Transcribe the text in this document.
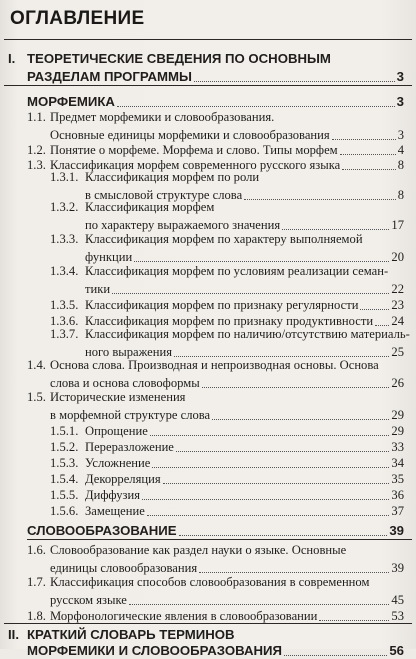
ОГЛАВЛЕНИЕ
I. ТЕОРЕТИЧЕСКИЕ СВЕДЕНИЯ ПО ОСНОВНЫМ
РАЗДЕЛАМ ПРОГРАММЫ	3
МОРФЕМИКА	3
1.1. Предмет морфемики и словообразования.
Основные единицы морфемики и словообразования	3
1.2. Понятие о морфеме. Морфема и слово. Типы морфем	4
1.3. Классификация морфем современного русского языка	8
1.3.1. Классификация морфем по роли
в смысловой структуре слова	8
1.3.2. Классификация морфем
по характеру выражаемого значения	17
1.3.3. Классификация морфем по характеру выполняемой
функции	20
1.3.4. Классификация морфем по условиям реализации семан-
тики	22
1.3.5. Классификация морфем по признаку регулярности	23
1.3.6. Классификация морфем по признаку продуктивности 24
1.3.7. Классификация морфем по наличию/отсутствию материаль-
ного выражения	25
1.4. Основа слова. Производная и непроизводная основы. Основа
слова и основа словоформы	26
1.5. Исторические изменения
в морфемной структуре слова	29
1.5.1. Опрощение	29
1.5.2. Переразложение	33
1.5.3. Усложнение	34
1.5.4. Декорреляция	35
1.5.5. Диффузия	36
1.5.6. Замещение	37
СЛОВООБРАЗОВАНИЕ	39
1.6. Словообразование как раздел науки о языке. Основные
единицы словообразования	39
1.7. Классификация способов словообразования в современном
русском языке	45
1.8. Морфонологические явления в словообразовании	53
II. КРАТКИЙ СЛОВАРЬ ТЕРМИНОВ
МОРФЕМИКИ И СЛОВООБРАЗОВАНИЯ	56
